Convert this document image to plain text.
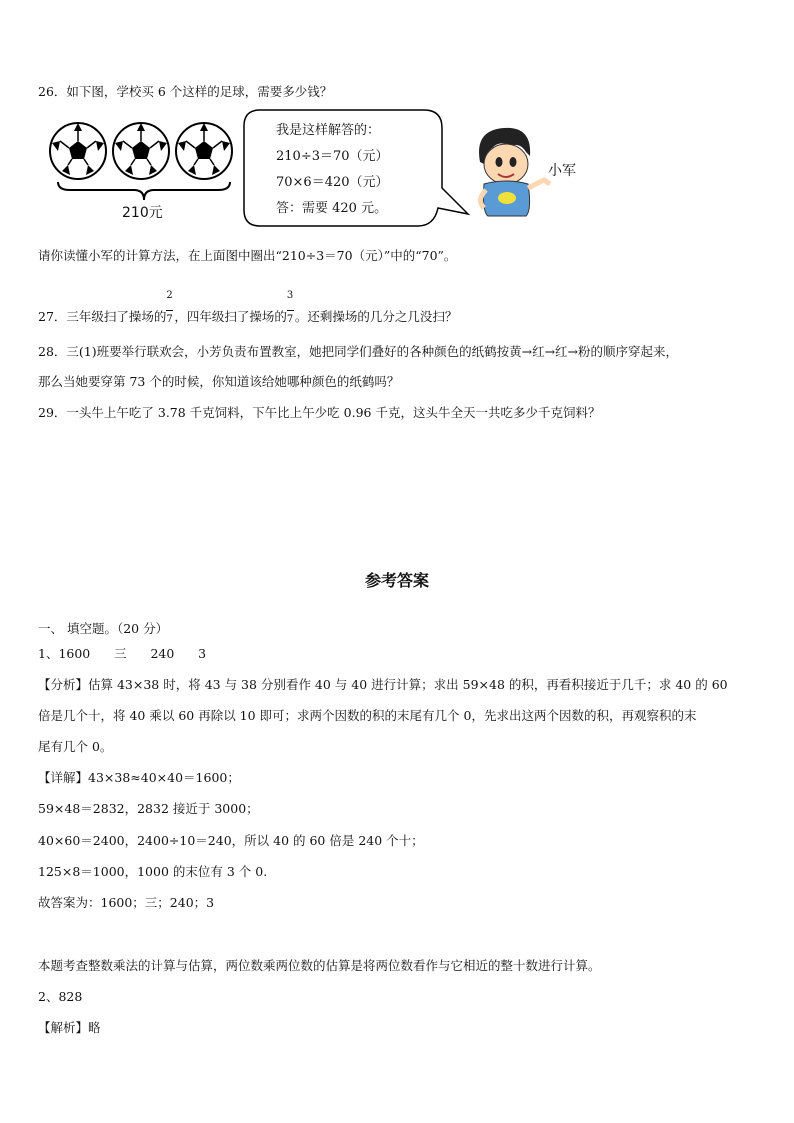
26．如下图，学校买 6 个这样的足球，需要多少钱？
210元
我是这样解答的：
210÷3＝70（元）
70×6＝420（元）
答：需要 420 元。
小军
请你读懂小军的计算方法，在上面图中圈出“210÷3＝70（元）”中的“70”。
27．三年级扫了操场的 $\frac{2}{7}$ ，四年级扫了操场的 $\frac{3}{7}$ 。还剩操场的几分之几没扫？
28．三(1)班要举行联欢会，小芳负责布置教室，她把同学们叠好的各种颜色的纸鹤按黄→红→红→粉的顺序穿起来，
那么当她要穿第 73 个的时候，你知道该给她哪种颜色的纸鹤吗？
29．一头牛上午吃了 3.78 千克饲料，下午比上午少吃 0.96 千克，这头牛全天一共吃多少千克饲料？
参考答案
一、 填空题。（20 分）
1、1600      三      240      3
【分析】估算 43×38 时，将 43 与 38 分别看作 40 与 40 进行计算；求出 59×48 的积，再看积接近于几千；求 40 的 60
倍是几个十，将 40 乘以 60 再除以 10 即可；求两个因数的积的末尾有几个 0，先求出这两个因数的积，再观察积的末
尾有几个 0。
【详解】43×38≈40×40＝1600；
59×48＝2832，2832 接近于 3000；
40×60＝2400，2400÷10＝240，所以 40 的 60 倍是 240 个十；
125×8＝1000，1000 的末位有 3 个 0.
故答案为：1600；三；240；3
本题考查整数乘法的计算与估算，两位数乘两位数的估算是将两位数看作与它相近的整十数进行计算。
2、828
【解析】略
